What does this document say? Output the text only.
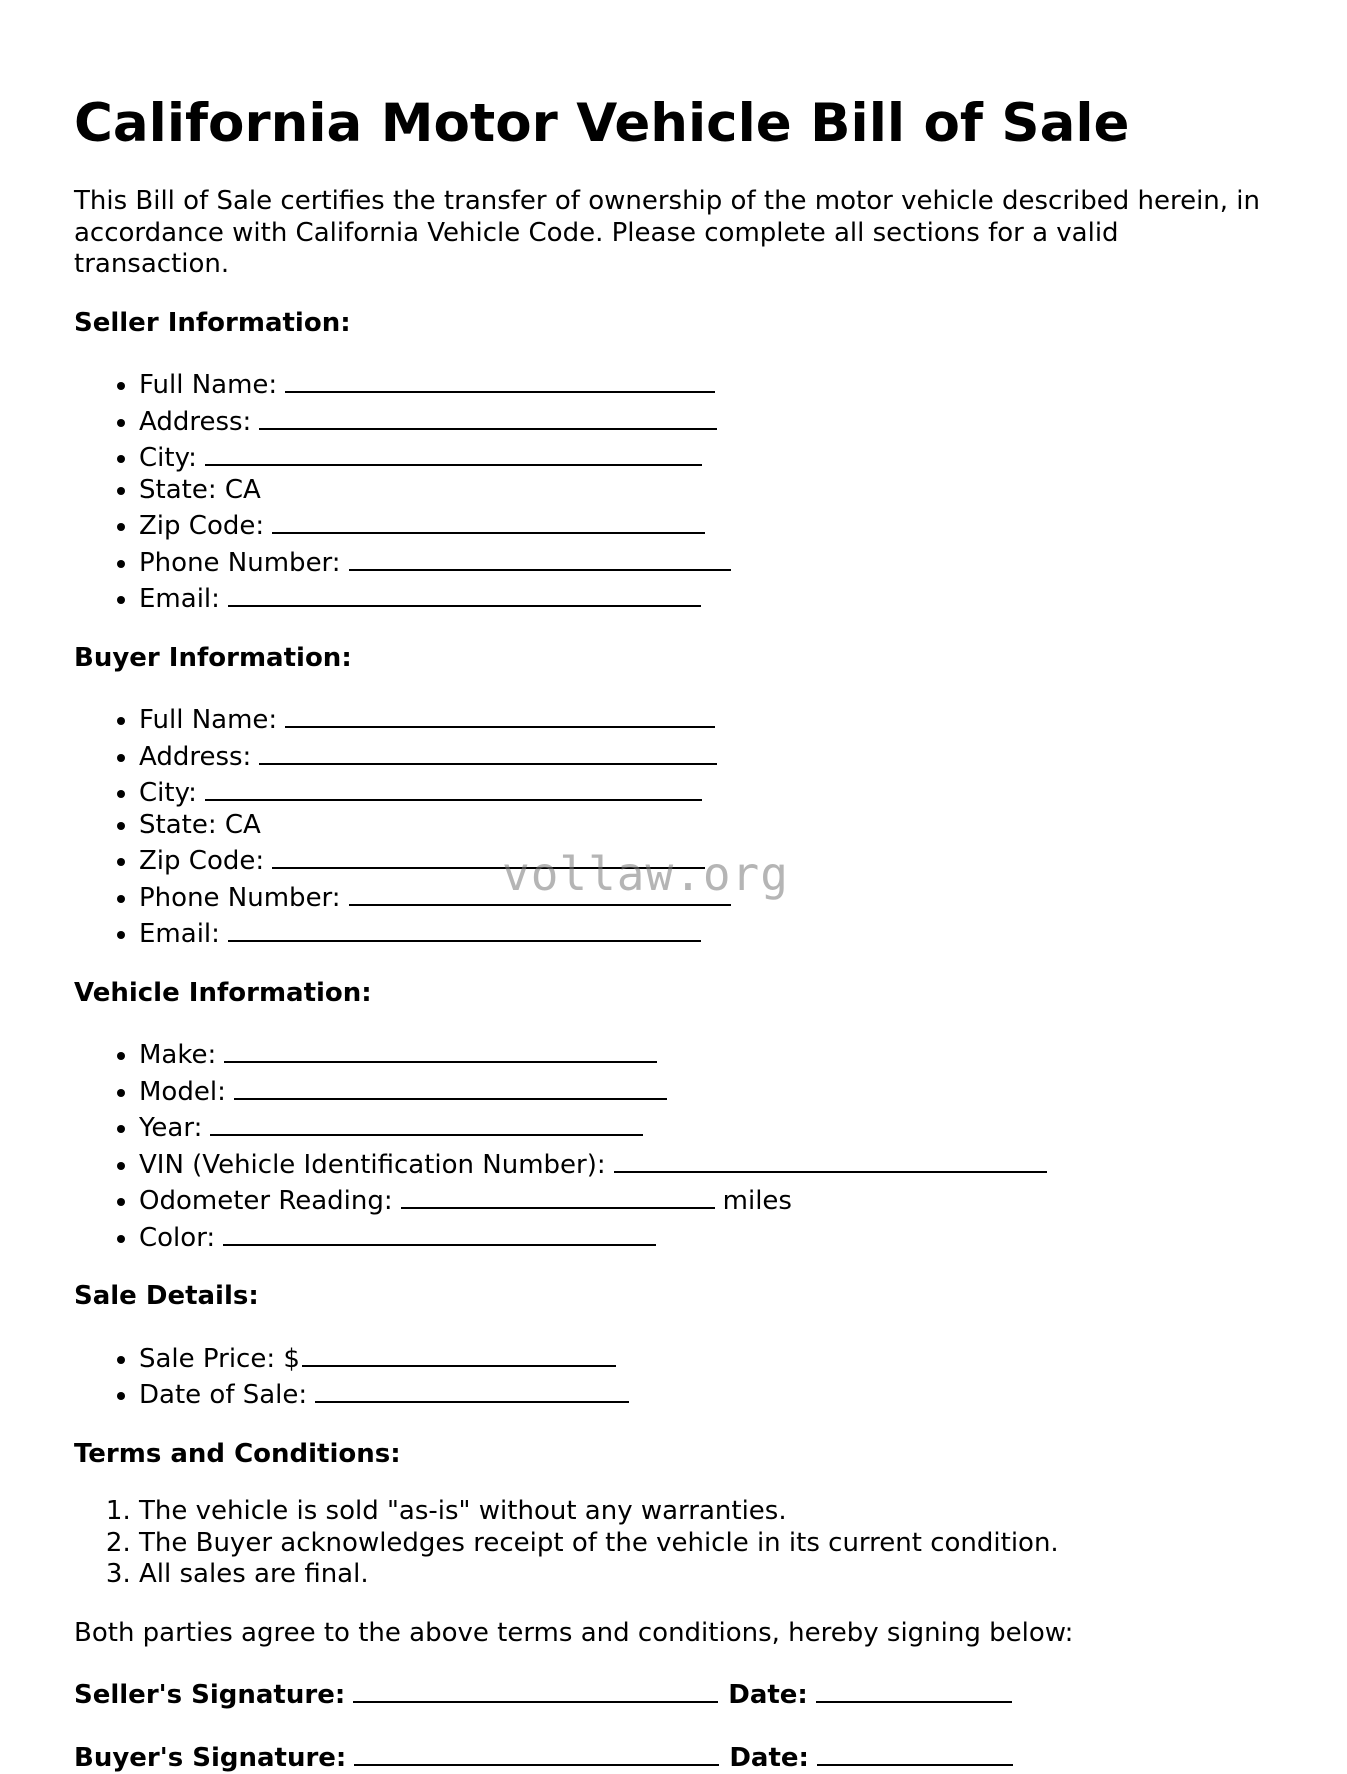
California Motor Vehicle Bill of Sale

This Bill of Sale certifies the transfer of ownership of the motor vehicle described herein, in accordance with California Vehicle Code. Please complete all sections for a valid transaction.

Seller Information:

• Full Name:
• Address:
• City:
• State: CA
• Zip Code:
• Phone Number:
• Email:

Buyer Information:

• Full Name:
• Address:
• City:
• State: CA
• Zip Code:
• Phone Number:
• Email:

Vehicle Information:

• Make:
• Model:
• Year:
• VIN (Vehicle Identification Number):
• Odometer Reading:	miles
• Color:

Sale Details:

• Sale Price: $
• Date of Sale:

Terms and Conditions:

1. The vehicle is sold "as-is" without any warranties.
2. The Buyer acknowledges receipt of the vehicle in its current condition.
3. All sales are final.

Both parties agree to the above terms and conditions, hereby signing below:

Seller's Signature:	Date:

Buyer's Signature:	Date:

vollaw.org
